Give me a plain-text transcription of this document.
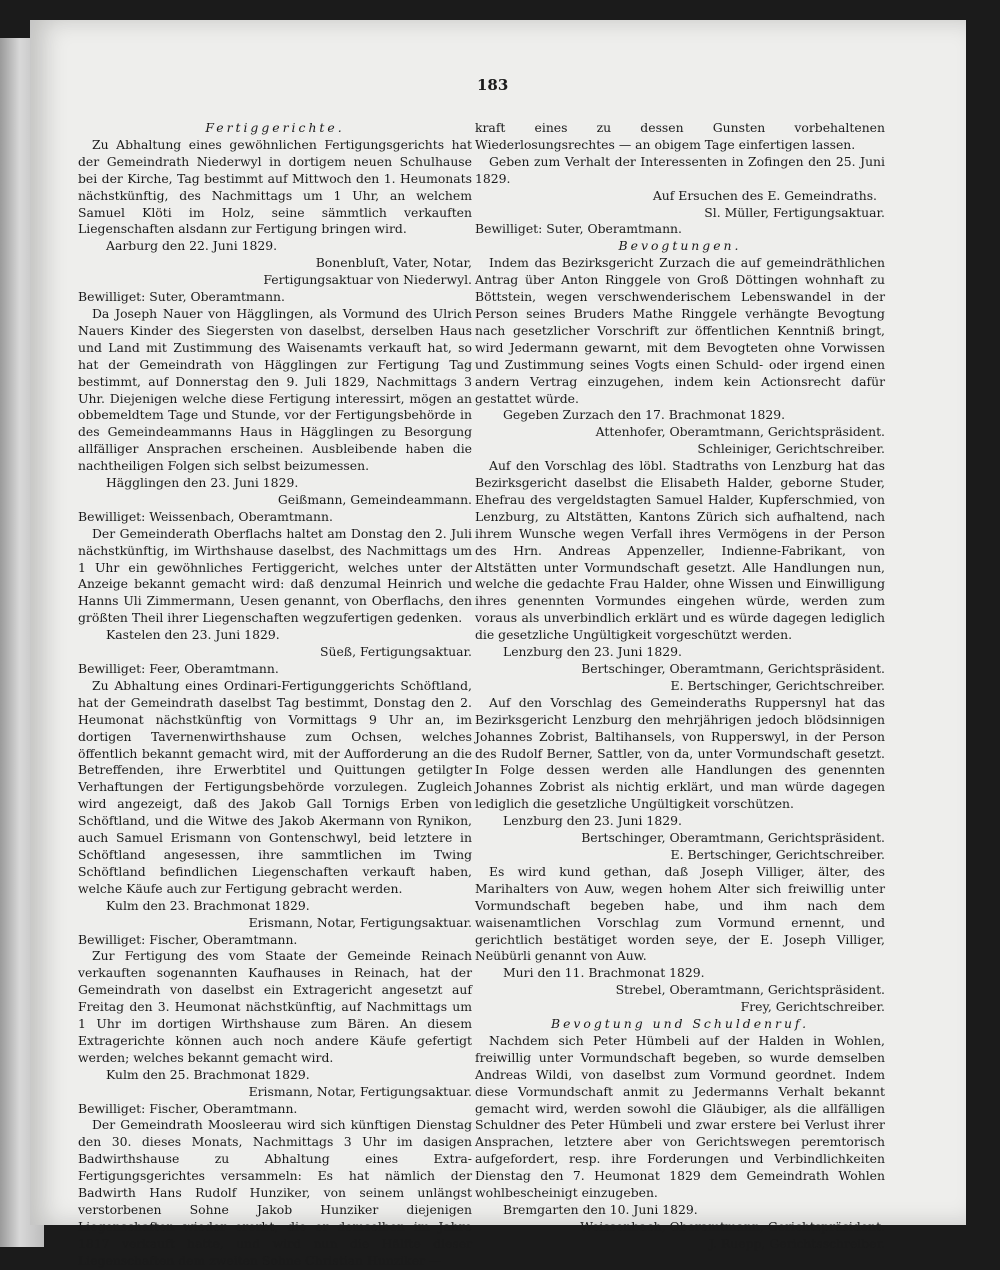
183

Fertiggerichte.

Zu Abhaltung eines gewöhnlichen Fertigungsgerichts hat der Gemeindrath Niederwyl in dortigem neuen Schulhause bei der Kirche, Tag bestimmt auf Mittwoch den 1. Heumonats nächstkünftig, des Nachmittags um 1 Uhr, an welchem Samuel Klöti im Holz, seine sämmtlich verkauften Liegenschaften alsdann zur Fertigung bringen wird.

Aarburg den 22. Juni 1829.

Bonenbluſt, Vater, Notar,

Fertigungsaktuar von Niederwyl.

Bewilliget: Suter, Oberamtmann.

Da Joseph Nauer von Hägglingen, als Vormund des Ulrich Nauers Kinder des Siegersten von daselbst, derselben Haus und Land mit Zustimmung des Waisenamts verkauft hat, so hat der Gemeindrath von Hägglingen zur Fertigung Tag bestimmt, auf Donnerstag den 9. Juli 1829, Nachmittags 3 Uhr. Diejenigen welche diese Fertigung interessirt, mögen an obbemeldtem Tage und Stunde, vor der Fertigungsbehörde in des Gemeindeammanns Haus in Hägglingen zu Besorgung allfälliger Ansprachen erscheinen. Ausbleibende haben die nachtheiligen Folgen sich selbst beizumessen.

Hägglingen den 23. Juni 1829.

Geißmann, Gemeindeammann.

Bewilliget: Weissenbach, Oberamtmann.

Der Gemeinderath Oberflachs haltet am Donstag den 2. Juli nächstkünftig, im Wirthshause daselbst, des Nachmittags um 1 Uhr ein gewöhnliches Fertiggericht, welches unter der Anzeige bekannt gemacht wird: daß denzumal Heinrich und Hanns Uli Zimmermann, Uesen genannt, von Oberflachs, den größten Theil ihrer Liegenschaften wegzufertigen gedenken.

Kastelen den 23. Juni 1829.

Süeß, Fertigungsaktuar.

Bewilliget: Feer, Oberamtmann.

Zu Abhaltung eines Ordinari-Fertigunggerichts Schöftland, hat der Gemeindrath daselbst Tag bestimmt, Donstag den 2. Heumonat nächstkünftig von Vormittags 9 Uhr an, im dortigen Tavernenwirthshause zum Ochsen, welches öffentlich bekannt gemacht wird, mit der Aufforderung an die Betreffenden, ihre Erwerbtitel und Quittungen getilgter Verhaftungen der Fertigungsbehörde vorzulegen. Zugleich wird angezeigt, daß des Jakob Gall Tornigs Erben von Schöftland, und die Witwe des Jakob Akermann von Rynikon, auch Samuel Erismann von Gontenschwyl, beid letztere in Schöftland angesessen, ihre sammtlichen im Twing Schöftland befindlichen Liegenschaften verkauft haben, welche Käufe auch zur Fertigung gebracht werden.

Kulm den 23. Brachmonat 1829.

Erismann, Notar, Fertigungsaktuar.

Bewilliget: Fischer, Oberamtmann.

Zur Fertigung des vom Staate der Gemeinde Reinach verkauften sogenannten Kaufhauses in Reinach, hat der Gemeindrath von daselbst ein Extragericht angesetzt auf Freitag den 3. Heumonat nächstkünftig, auf Nachmittags um 1 Uhr im dortigen Wirthshause zum Bären. An diesem Extragerichte können auch noch andere Käufe gefertigt werden; welches bekannt gemacht wird.

Kulm den 25. Brachmonat 1829.

Erismann, Notar, Fertigungsaktuar.

Bewilliget: Fischer, Oberamtmann.

Der Gemeindrath Moosleerau wird sich künftigen Dienstag den 30. dieses Monats, Nachmittags 3 Uhr im dasigen Badwirthshause zu Abhaltung eines Extra-Fertigungsgerichtes versammeln: Es hat nämlich der Badwirth Hans Rudolf Hunziker, von seinem unlängst verstorbenen Sohne Jakob Hunziker diejenigen Liegenschaften wieder ererbt, die er demselben im Jahre 1817 verkauft hatte, und wird nun die Hälfte dieser Liegenschaften dem zweiten Sohne Christian Hunziker —

kraft eines zu dessen Gunsten vorbehaltenen Wiederlosungsrechtes — an obigem Tage einfertigen lassen.

Geben zum Verhalt der Interessenten in Zofingen den 25. Juni 1829.

Auf Ersuchen des E. Gemeindraths.

Sl. Müller, Fertigungsaktuar.

Bewilliget: Suter, Oberamtmann.

Bevogtungen.

Indem das Bezirksgericht Zurzach die auf gemeindräthlichen Antrag über Anton Ringgele von Groß Döttingen wohnhaft zu Böttstein, wegen verschwenderischem Lebenswandel in der Person seines Bruders Mathe Ringgele verhängte Bevogtung nach gesetzlicher Vorschrift zur öffentlichen Kenntniß bringt, wird Jedermann gewarnt, mit dem Bevogteten ohne Vorwissen und Zustimmung seines Vogts einen Schuld- oder irgend einen andern Vertrag einzugehen, indem kein Actionsrecht dafür gestattet würde.

Gegeben Zurzach den 17. Brachmonat 1829.

Attenhofer, Oberamtmann, Gerichtspräsident.

Schleiniger, Gerichtschreiber.

Auf den Vorschlag des löbl. Stadtraths von Lenzburg hat das Bezirksgericht daselbst die Elisabeth Halder, geborne Studer, Ehefrau des vergeldstagten Samuel Halder, Kupferschmied, von Lenzburg, zu Altstätten, Kantons Zürich sich aufhaltend, nach ihrem Wunsche wegen Verfall ihres Vermögens in der Person des Hrn. Andreas Appenzeller, Indienne-Fabrikant, von Altstätten unter Vormundschaft gesetzt. Alle Handlungen nun, welche die gedachte Frau Halder, ohne Wissen und Einwilligung ihres genennten Vormundes eingehen würde, werden zum voraus als unverbindlich erklärt und es würde dagegen lediglich die gesetzliche Ungültigkeit vorgeschützt werden.

Lenzburg den 23. Juni 1829.

Bertschinger, Oberamtmann, Gerichtspräsident.

E. Bertschinger, Gerichtschreiber.

Auf den Vorschlag des Gemeinderaths Ruppersnyl hat das Bezirksgericht Lenzburg den mehrjährigen jedoch blödsinnigen Johannes Zobrist, Baltihansels, von Rupperswyl, in der Person des Rudolf Berner, Sattler, von da, unter Vormundschaft gesetzt. In Folge dessen werden alle Handlungen des genennten Johannes Zobrist als nichtig erklärt, und man würde dagegen lediglich die gesetzliche Ungültigkeit vorschützen.

Lenzburg den 23. Juni 1829.

Bertschinger, Oberamtmann, Gerichtspräsident.

E. Bertschinger, Gerichtschreiber.

Es wird kund gethan, daß Joseph Villiger, älter, des Marihalters von Auw, wegen hohem Alter sich freiwillig unter Vormundschaft begeben habe, und ihm nach dem waisenamtlichen Vorschlag zum Vormund ernennt, und gerichtlich bestätiget worden seye, der E. Joseph Villiger, Neübürli genannt von Auw.

Muri den 11. Brachmonat 1829.

Strebel, Oberamtmann, Gerichtspräsident.

Frey, Gerichtschreiber.

Bevogtung und Schuldenruf.

Nachdem sich Peter Hümbeli auf der Halden in Wohlen, freiwillig unter Vormundschaft begeben, so wurde demselben Andreas Wildi, von daselbst zum Vormund geordnet. Indem diese Vormundschaft anmit zu Jedermanns Verhalt bekannt gemacht wird, werden sowohl die Gläubiger, als die allfälligen Schuldner des Peter Hümbeli und zwar erstere bei Verlust ihrer Ansprachen, letztere aber von Gerichtswegen peremtorisch aufgefordert, resp. ihre Forderungen und Verbindlichkeiten Dienstag den 7. Heumonat 1829 dem Gemeindrath Wohlen wohlbescheinigt einzugeben.

Bremgarten den 10. Juni 1829.

Weissenbach, Oberamtmann, Gerichtspräsident.

J. Ruepp, Gerichtsschreiber.
